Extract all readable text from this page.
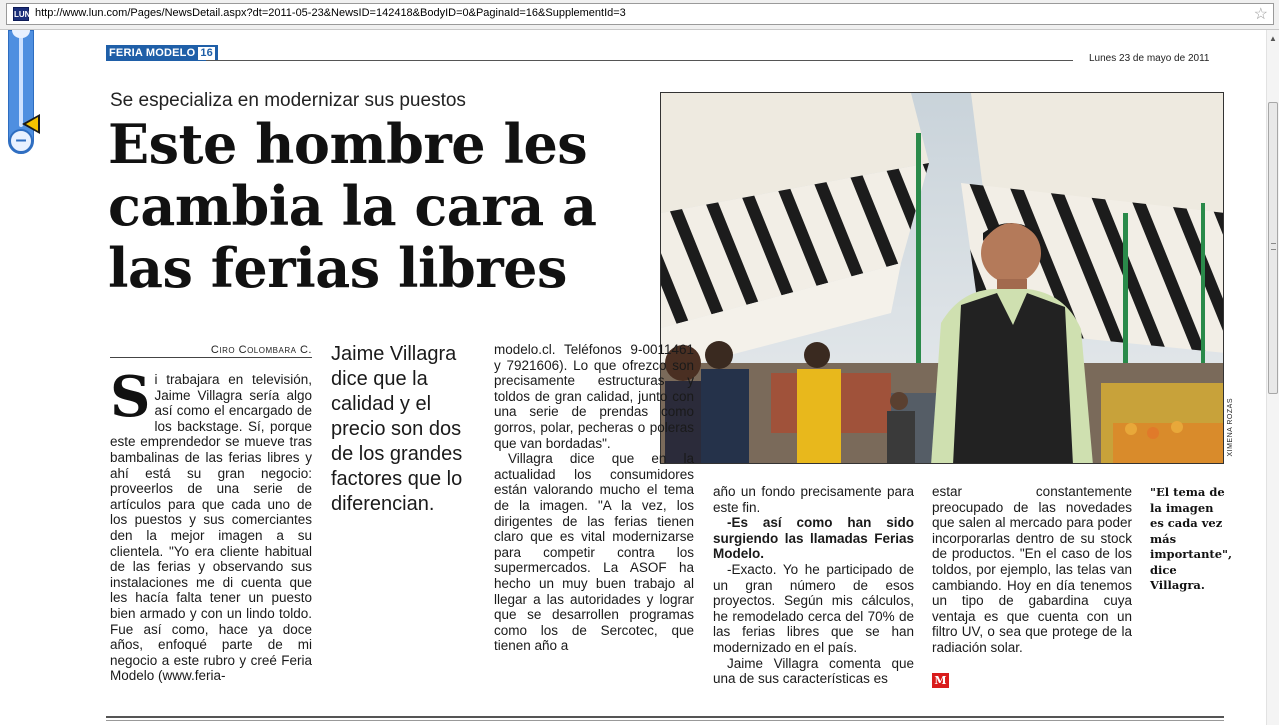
LUN http://www.lun.com/Pages/NewsDetail.aspx?dt=2011-05-23&NewsID=142418&BodyID=0&PaginaId=16&SupplementId=3	☆
–
▲
FERIA MODELO 16	Lunes 23 de mayo de 2011
Se especializa en modernizar sus puestos
Este hombre les cambia la cara a las ferias libres
XIMENA ROZAS
Ciro Colombara C.
S i trabajara en televisión, Jaime Villagra sería algo así como el encargado de los backstage. Sí, porque este emprendedor se mueve tras bambalinas de las ferias libres y ahí está su gran negocio: proveerlos de una serie de artículos para que cada uno de los puestos y sus comerciantes den la mejor imagen a su clientela. "Yo era cliente habitual de las ferias y observando sus instalaciones me di cuenta que les hacía falta tener un puesto bien armado y con un lindo toldo. Fue así como, hace ya doce años, enfoqué parte de mi negocio a este rubro y creé Feria Modelo (www.feria-
Jaime Villagra dice que la calidad y el precio son dos de los grandes factores que lo diferencian.

modelo.cl. Teléfonos 9-0011461 y 7921606). Lo que ofrezco son precisamente estructuras y toldos de gran calidad, junto con una serie de prendas como gorros, polar, pecheras o poleras que van bordadas".

Villagra dice que en la actualidad los consumidores están valorando mucho el tema de la imagen. "A la vez, los dirigentes de las ferias tienen claro que es vital modernizarse para competir contra los supermercados. La ASOF ha hecho un muy buen trabajo al llegar a las autoridades y lograr que se desarrollen programas como los de Sercotec, que tienen año a

año un fondo precisamente para este fin.

-Es así como han sido surgiendo las llamadas Ferias Modelo.

-Exacto. Yo he participado de un gran número de esos proyectos. Según mis cálculos, he remodelado cerca del 70% de las ferias libres que se han modernizado en el país.

Jaime Villagra comenta que una de sus características es

estar constantemente preocupado de las novedades que salen al mercado para poder incorporarlas dentro de su stock de productos. "En el caso de los toldos, por ejemplo, las telas van cambiando. Hoy en día tenemos un tipo de gabardina cuya ventaja es que cuenta con un filtro UV, o sea que protege de la radiación solar.

M
"El tema de la imagen es cada vez más importante", dice Villagra.
